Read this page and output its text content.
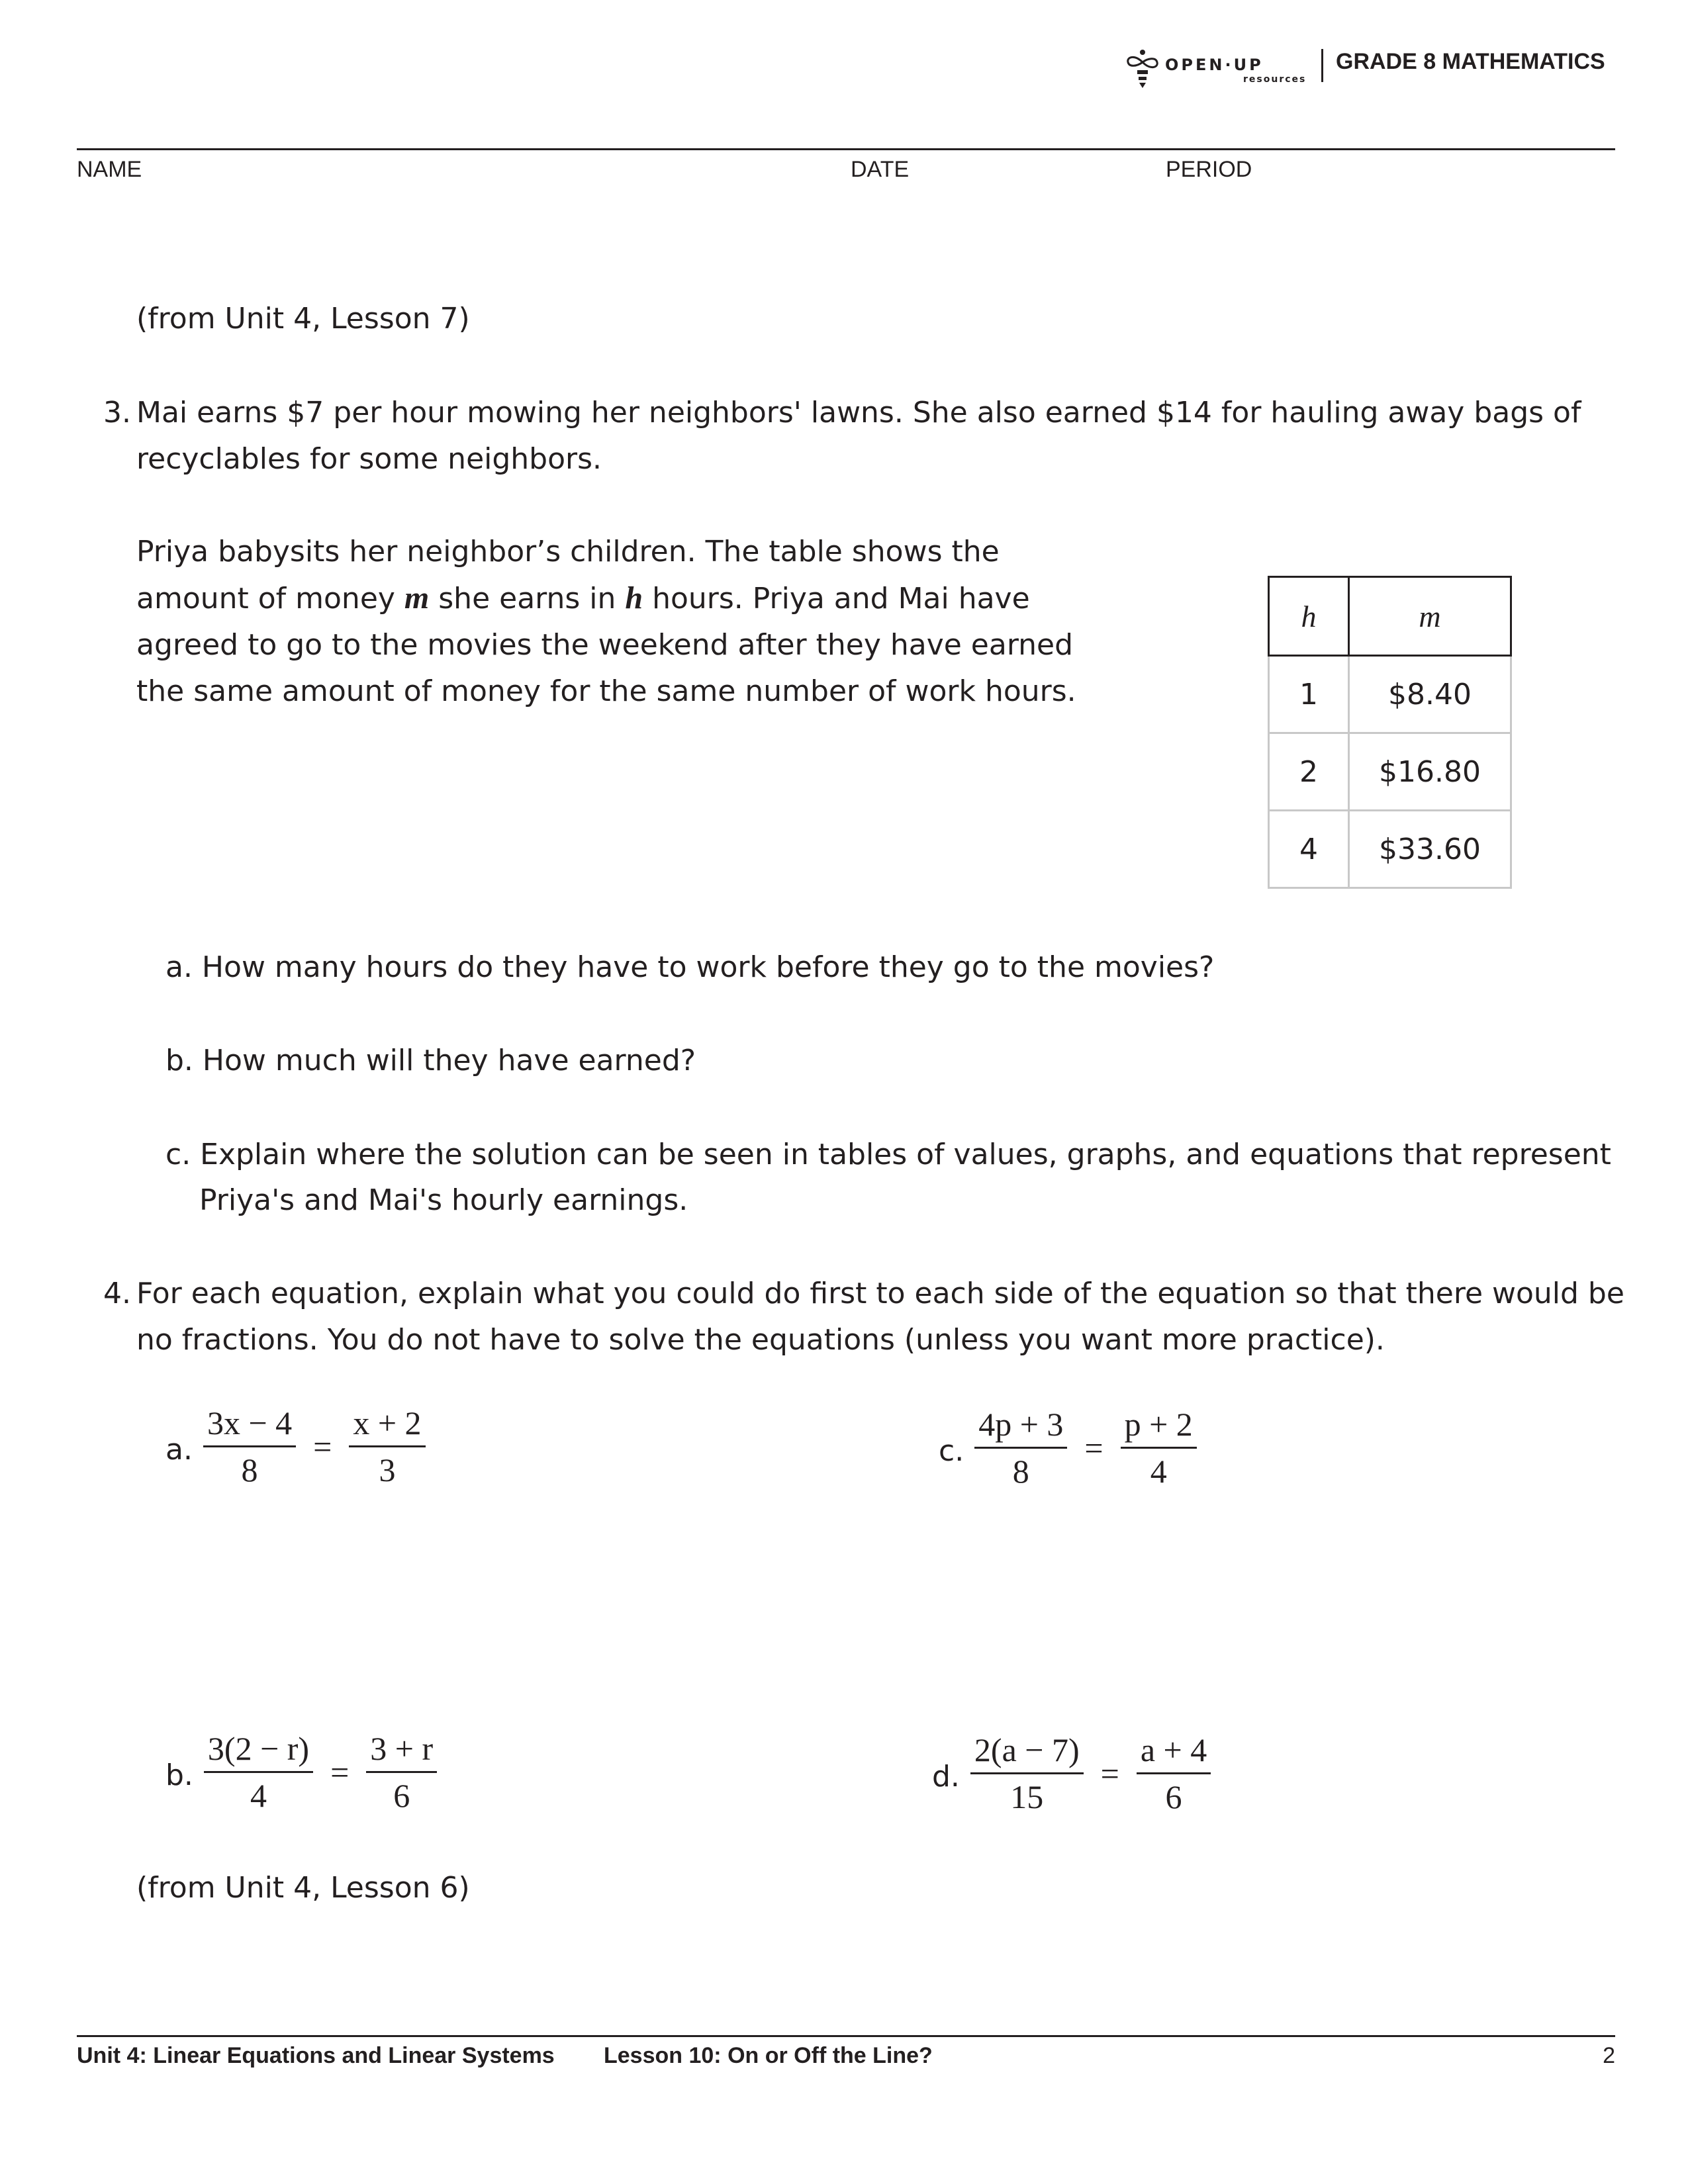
OPEN·UP
resources
GRADE 8 MATHEMATICS
NAME	DATE	PERIOD
(from Unit 4, Lesson 7)
3. Mai earns $7 per hour mowing her neighbors' lawns. She also earned $14 for hauling away bags of
recyclables for some neighbors.
Priya babysits her neighbor’s children. The table shows the
amount of money m she earns in h hours. Priya and Mai have
agreed to go to the movies the weekend after they have earned
the same amount of money for the same number of work hours.
h	m
1	$8.40
2	$16.80
4	$33.60
a. How many hours do they have to work before they go to the movies?
b. How much will they have earned?
c. Explain where the solution can be seen in tables of values, graphs, and equations that represent
Priya's and Mai's hourly earnings.
4. For each equation, explain what you could do first to each side of the equation so that there would be
no fractions. You do not have to solve the equations (unless you want more practice).
a. $\frac{3x - 4}{8} = \frac{x + 2}{3}$	c. $\frac{4p + 3}{8} = \frac{p + 2}{4}$
b. $\frac{3(2 - r)}{4} = \frac{3 + r}{6}$	d. $\frac{2(a - 7)}{15} = \frac{a + 4}{6}$
(from Unit 4, Lesson 6)
Unit 4: Linear Equations and Linear Systems Lesson 10: On or Off the Line?	2
